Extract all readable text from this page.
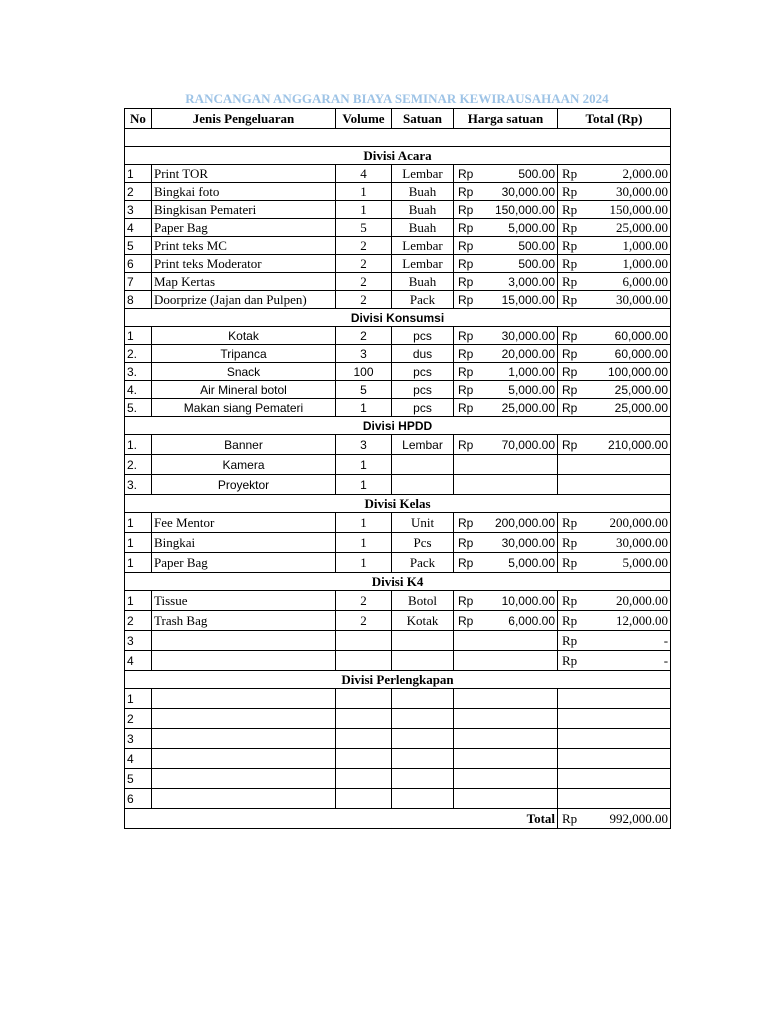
RANCANGAN ANGGARAN BIAYA SEMINAR KEWIRAUSAHAAN 2024
No	Jenis Pengeluaran	Volume	Satuan	Harga satuan		Total (Rp)	

Divisi Acara							
1	Print TOR	4	Lembar	Rp	500.00	Rp	2,000.00
2	Bingkai foto	1	Buah	Rp	30,000.00	Rp	30,000.00
3	Bingkisan Pemateri	1	Buah	Rp	150,000.00	Rp	150,000.00
4	Paper Bag	5	Buah	Rp	5,000.00	Rp	25,000.00
5	Print teks MC	2	Lembar	Rp	500.00	Rp	1,000.00
6	Print teks Moderator	2	Lembar	Rp	500.00	Rp	1,000.00
7	Map Kertas	2	Buah	Rp	3,000.00	Rp	6,000.00
8	Doorprize (Jajan dan Pulpen)	2	Pack	Rp	15,000.00	Rp	30,000.00
Divisi Konsumsi							
1	Kotak	2	pcs	Rp	30,000.00	Rp	60,000.00
2.	Tripanca	3	dus	Rp	20,000.00	Rp	60,000.00
3.	Snack	100	pcs	Rp	1,000.00	Rp	100,000.00
4.	Air Mineral botol	5	pcs	Rp	5,000.00	Rp	25,000.00
5.	Makan siang Pemateri	1	pcs	Rp	25,000.00	Rp	25,000.00
Divisi HPDD							
1.	Banner	3	Lembar	Rp	70,000.00	Rp	210,000.00
2.	Kamera	1					
3.	Proyektor	1					
Divisi Kelas							
1	Fee Mentor	1	Unit	Rp	200,000.00	Rp	200,000.00
1	Bingkai	1	Pcs	Rp	30,000.00	Rp	30,000.00
1	Paper Bag	1	Pack	Rp	5,000.00	Rp	5,000.00
Divisi K4							
1	Tissue	2	Botol	Rp	10,000.00	Rp	20,000.00
2	Trash Bag	2	Kotak	Rp	6,000.00	Rp	12,000.00
3						Rp	-
4						Rp	-
Divisi Perlengkapan							
1							
2							
3							
4							
5							
6							
Total						Rp	992,000.00
